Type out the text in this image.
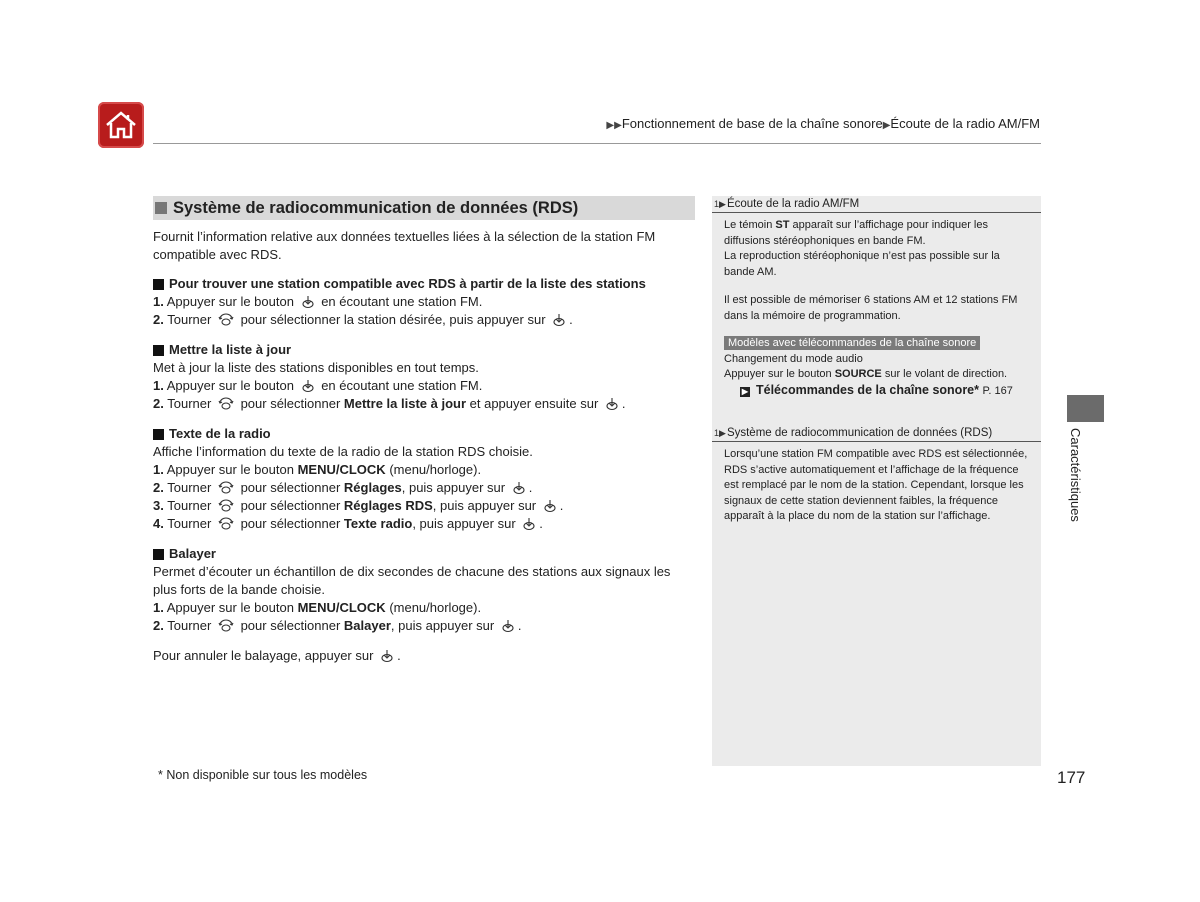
▶▶Fonctionnement de base de la chaîne sonore▶Écoute de la radio AM/FM
Système de radiocommunication de données (RDS)

Fournit l’information relative aux données textuelles liées à la sélection de la station FM compatible avec RDS.

Pour trouver une station compatible avec RDS à partir de la liste des stations
1. Appuyer sur le bouton en écoutant une station FM.
2. Tourner pour sélectionner la station désirée, puis appuyer sur .
Mettre la liste à jour

Met à jour la liste des stations disponibles en tout temps.

1. Appuyer sur le bouton en écoutant une station FM.
2. Tourner pour sélectionner Mettre la liste à jour et appuyer ensuite sur .
Texte de la radio

Affiche l’information du texte de la radio de la station RDS choisie.

1. Appuyer sur le bouton MENU/CLOCK (menu/horloge).
2. Tourner pour sélectionner Réglages, puis appuyer sur .
3. Tourner pour sélectionner Réglages RDS, puis appuyer sur .
4. Tourner pour sélectionner Texte radio, puis appuyer sur .
Balayer

Permet d’écouter un échantillon de dix secondes de chacune des stations aux signaux les plus forts de la bande choisie.

1. Appuyer sur le bouton MENU/CLOCK (menu/horloge).
2. Tourner pour sélectionner Balayer, puis appuyer sur .
Pour annuler le balayage, appuyer sur .
1▶ Écoute de la radio AM/FM

Le témoin ST apparaît sur l’affichage pour indiquer les diffusions stéréophoniques en bande FM.

La reproduction stéréophonique n’est pas possible sur la bande AM.

Il est possible de mémoriser 6 stations AM et 12 stations FM dans la mémoire de programmation.

Modèles avec télécommandes de la chaîne sonore

Changement du mode audio

Appuyer sur le bouton SOURCE sur le volant de direction.

▶ Télécommandes de la chaîne sonore* P. 167
1▶ Système de radiocommunication de données (RDS)

Lorsqu’une station FM compatible avec RDS est sélectionnée, RDS s’active automatiquement et l’affichage de la fréquence est remplacé par le nom de la station. Cependant, lorsque les signaux de cette station deviennent faibles, la fréquence apparaît à la place du nom de la station sur l’affichage.	Caractéristiques
* Non disponible sur tous les modèles	177
